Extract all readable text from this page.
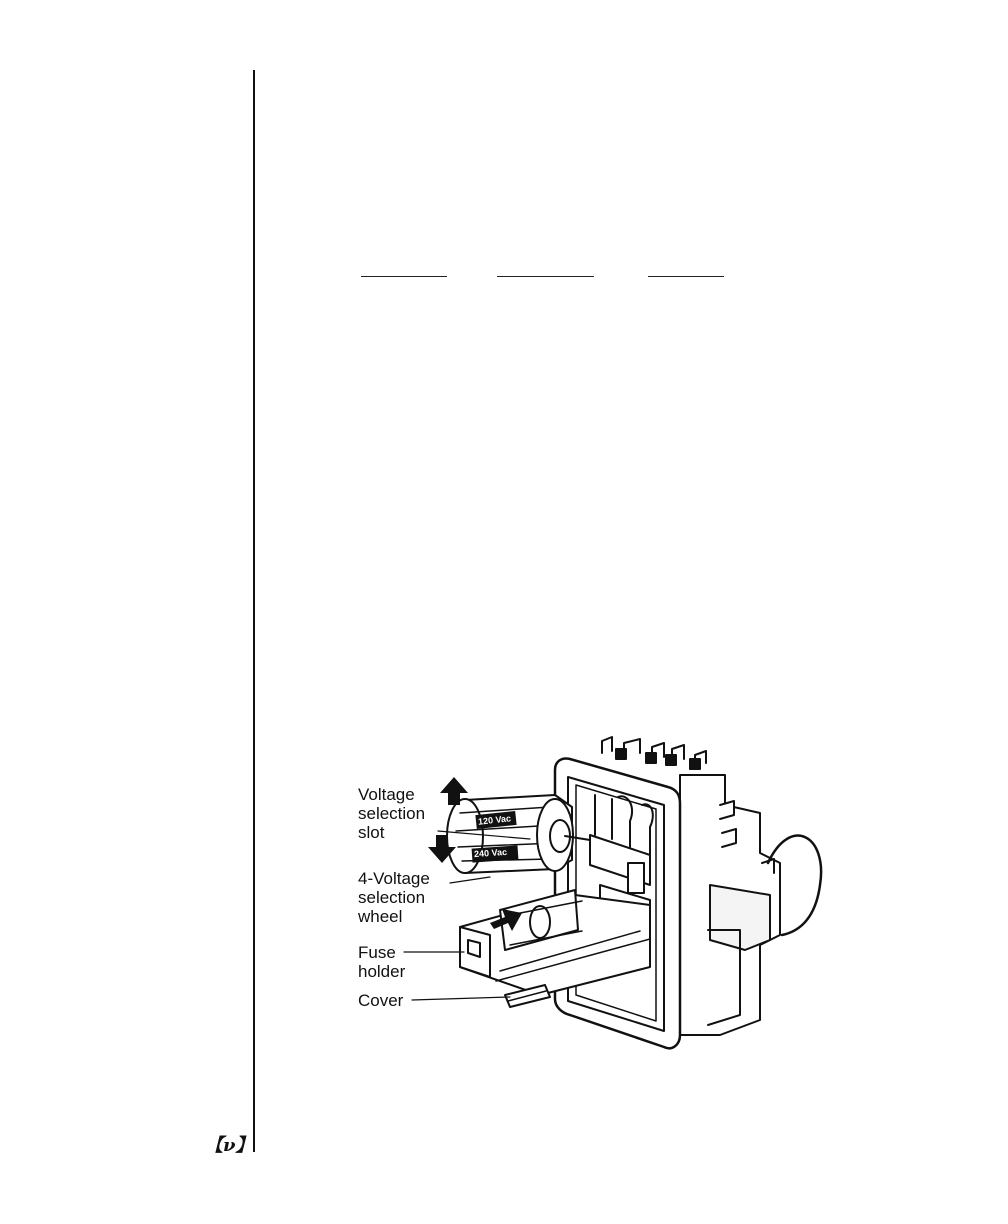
Voltage
selection
slot
4-Voltage
selection
wheel
Fuse
holder
Cover
120 Vac
240 Vac
【ν】
